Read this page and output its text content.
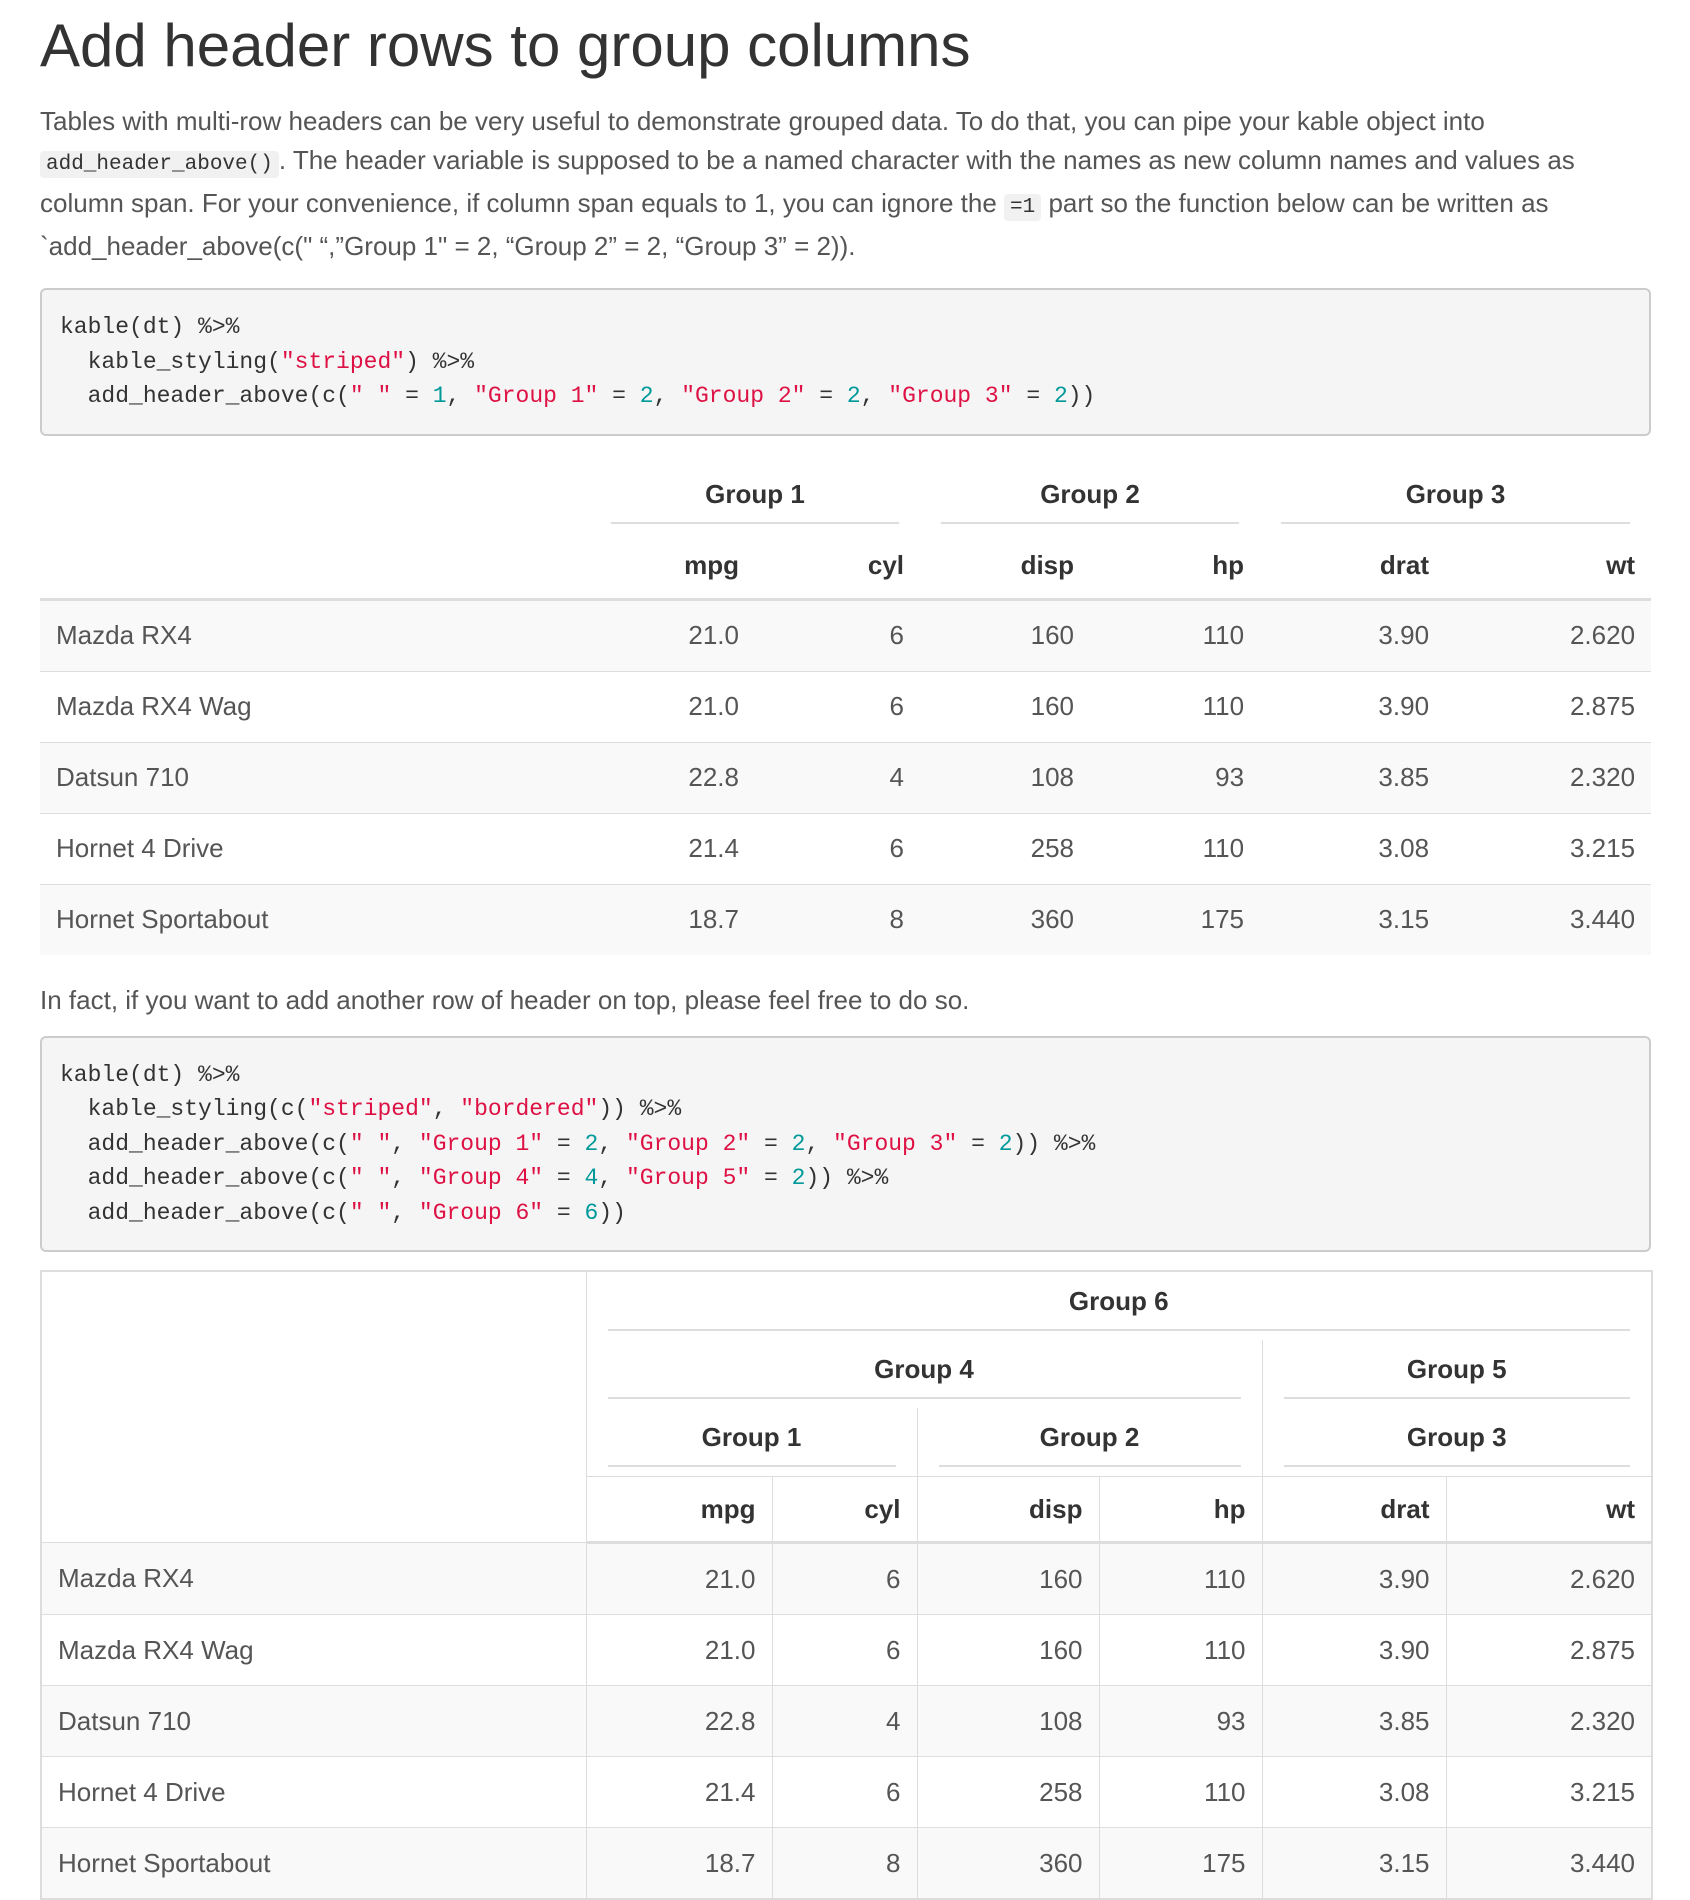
Add header rows to group columns

Tables with multi-row headers can be very useful to demonstrate grouped data. To do that, you can pipe your kable object into add_header_above() . The header variable is supposed to be a named character with the names as new column names and values as column span. For your convenience, if column span equals to 1, you can ignore the =1 part so the function below can be written as `add_header_above(c(" “,”Group 1" = 2, “Group 2” = 2, “Group 3” = 2)).

kable(dt) %>%
kable_styling("striped") %>%
add_header_above(c(" " = 1, "Group 1" = 2, "Group 2" = 2, "Group 3" = 2))

	Group 1		Group 2		Group 3	

	mpg	cyl	disp	hp	drat	wt
Mazda RX4	21.0	6	160	110	3.90	2.620
Mazda RX4 Wag	21.0	6	160	110	3.90	2.875
Datsun 710	22.8	4	108	93	3.85	2.320
Hornet 4 Drive	21.4	6	258	110	3.08	3.215
Hornet Sportabout	18.7	8	360	175	3.15	3.440

In fact, if you want to add another row of header on top, please feel free to do so.

kable(dt) %>%
kable_styling(c("striped", "bordered")) %>%
add_header_above(c(" ", "Group 1" = 2, "Group 2" = 2, "Group 3" = 2)) %>%
add_header_above(c(" ", "Group 4" = 4, "Group 5" = 2)) %>%
add_header_above(c(" ", "Group 6" = 6))

	Group 6					

	Group 4				Group 5	

	Group 1		Group 2		Group 3	

	mpg	cyl	disp	hp	drat	wt
Mazda RX4	21.0	6	160	110	3.90	2.620
Mazda RX4 Wag	21.0	6	160	110	3.90	2.875
Datsun 710	22.8	4	108	93	3.85	2.320
Hornet 4 Drive	21.4	6	258	110	3.08	3.215
Hornet Sportabout	18.7	8	360	175	3.15	3.440
